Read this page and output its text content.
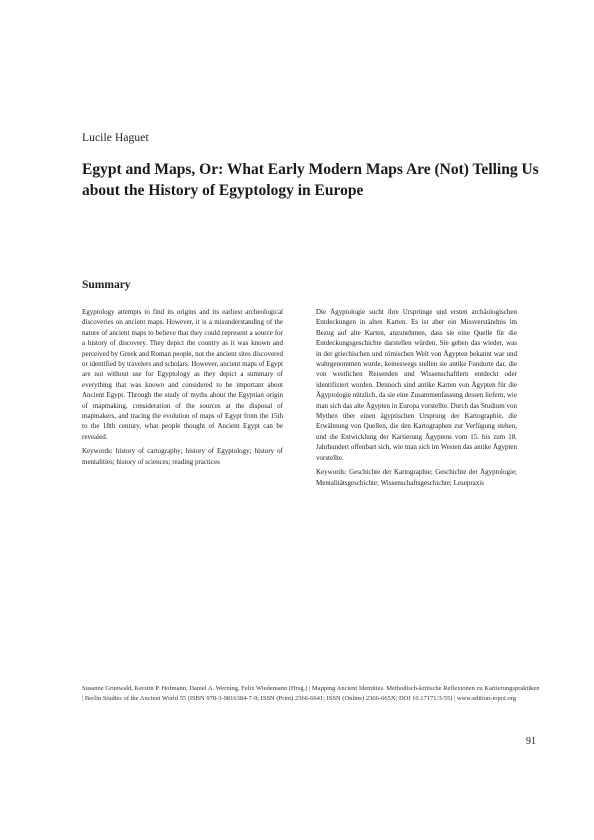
Lucile Haguet
Egypt and Maps, Or: What Early Modern Maps Are (Not) Telling Us about the History of Egyptology in Europe
Summary

Egyptology attempts to find its origins and its earliest archeological discoveries on ancient maps. However, it is a misunderstanding of the nature of ancient maps to believe that they could represent a source for a history of discovery. They depict the country as it was known and perceived by Greek and Roman people, not the ancient sites discovered or identified by travelers and scholars. However, ancient maps of Egypt are not without use for Egyptology as they depict a summary of everything that was known and considered to be important about Ancient Egypt. Through the study of myths about the Egyptian origin of mapmaking, consideration of the sources at the disposal of mapmakers, and tracing the evolution of maps of Egypt from the 15th to the 18th century, what people thought of Ancient Egypt can be revealed.

Keywords: history of cartography; history of Egyptology; history of mentalities; history of sciences; reading practices

Die Ägyptologie sucht ihre Ursprünge und ersten archäologischen Entdeckungen in alten Karten. Es ist aber ein Missverständnis im Bezug auf alte Karten, anzunehmen, dass sie eine Quelle für die Entdeckungsgeschichte darstellen würden. Sie geben das wieder, was in der griechischen und römischen Welt von Ägypten bekannt war und wahrgenommen wurde, keineswegs stellen sie antike Fundorte dar, die von westlichen Reisenden und Wissenschaftlern entdeckt oder identifiziert wurden. Dennoch sind antike Karten von Ägypten für die Ägyptologie nützlich, da sie eine Zusammenfassung dessen liefern, wie man sich das alte Ägypten in Europa vorstellte. Durch das Studium von Mythen über einen ägyptischen Ursprung der Kartographie, die Erwähnung von Quellen, die den Kartographen zur Verfügung stehen, und die Entwicklung der Kartierung Ägyptens vom 15. bis zum 18. Jahrhundert offenbart sich, wie man sich im Westen das antike Ägypten vorstellte.

Keywords: Geschichte der Kartographie; Geschichte der Ägyptologie; Mentalitätsgeschichte; Wissenschaftsgeschichte; Lesepraxis

Susanne Grunwald, Kerstin P. Hofmann, Daniel A. Werning, Felix Wiedemann (Hrsg.) | Mapping Ancient Identities. Methodisch-kritische Reflexionen zu Kartierungspraktiken | Berlin Studies of the Ancient World 55 (ISBN 978-3-9816384-7-9; ISSN (Print) 2366-6641; ISSN (Online) 2366-665X; DOI 10.17171/3-55) | www.edition-topoi.org
91
